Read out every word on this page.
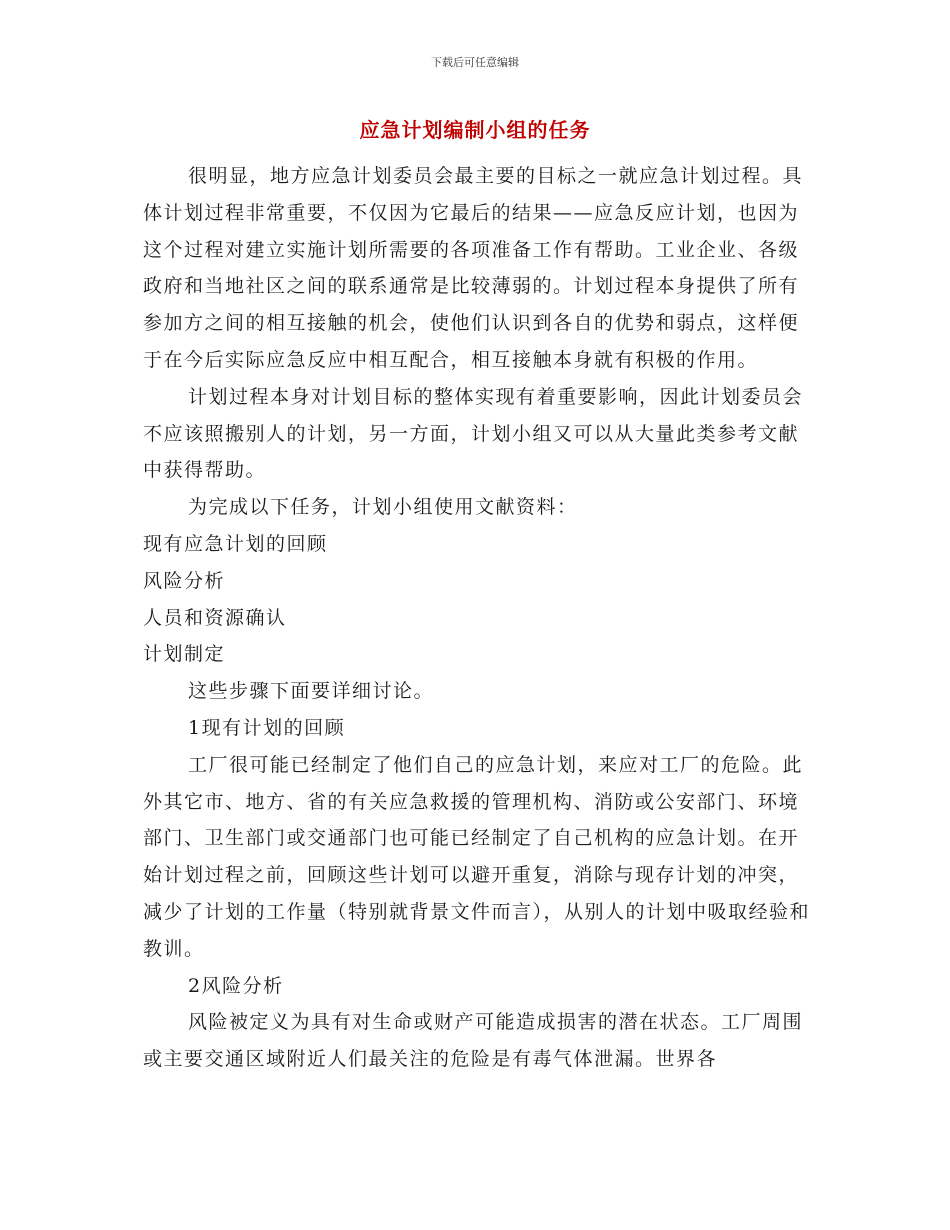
下载后可任意编辑
应急计划编制小组的任务

很明显，地方应急计划委员会最主要的目标之一就应急计划过程。具体计划过程非常重要，不仅因为它最后的结果——应急反应计划，也因为这个过程对建立实施计划所需要的各项准备工作有帮助。工业企业、各级政府和当地社区之间的联系通常是比较薄弱的。计划过程本身提供了所有参加方之间的相互接触的机会，使他们认识到各自的优势和弱点，这样便于在今后实际应急反应中相互配合，相互接触本身就有积极的作用。

计划过程本身对计划目标的整体实现有着重要影响，因此计划委员会不应该照搬别人的计划，另一方面，计划小组又可以从大量此类参考文献中获得帮助。

为完成以下任务，计划小组使用文献资料：

现有应急计划的回顾

风险分析

人员和资源确认

计划制定

这些步骤下面要详细讨论。

1现有计划的回顾

工厂很可能已经制定了他们自己的应急计划，来应对工厂的危险。此外其它市、地方、省的有关应急救援的管理机构、消防或公安部门、环境部门、卫生部门或交通部门也可能已经制定了自己机构的应急计划。在开始计划过程之前，回顾这些计划可以避开重复，消除与现存计划的冲突，减少了计划的工作量（特别就背景文件而言），从别人的计划中吸取经验和教训。

2风险分析

风险被定义为具有对生命或财产可能造成损害的潜在状态。工厂周围或主要交通区域附近人们最关注的危险是有毒气体泄漏。世界各
